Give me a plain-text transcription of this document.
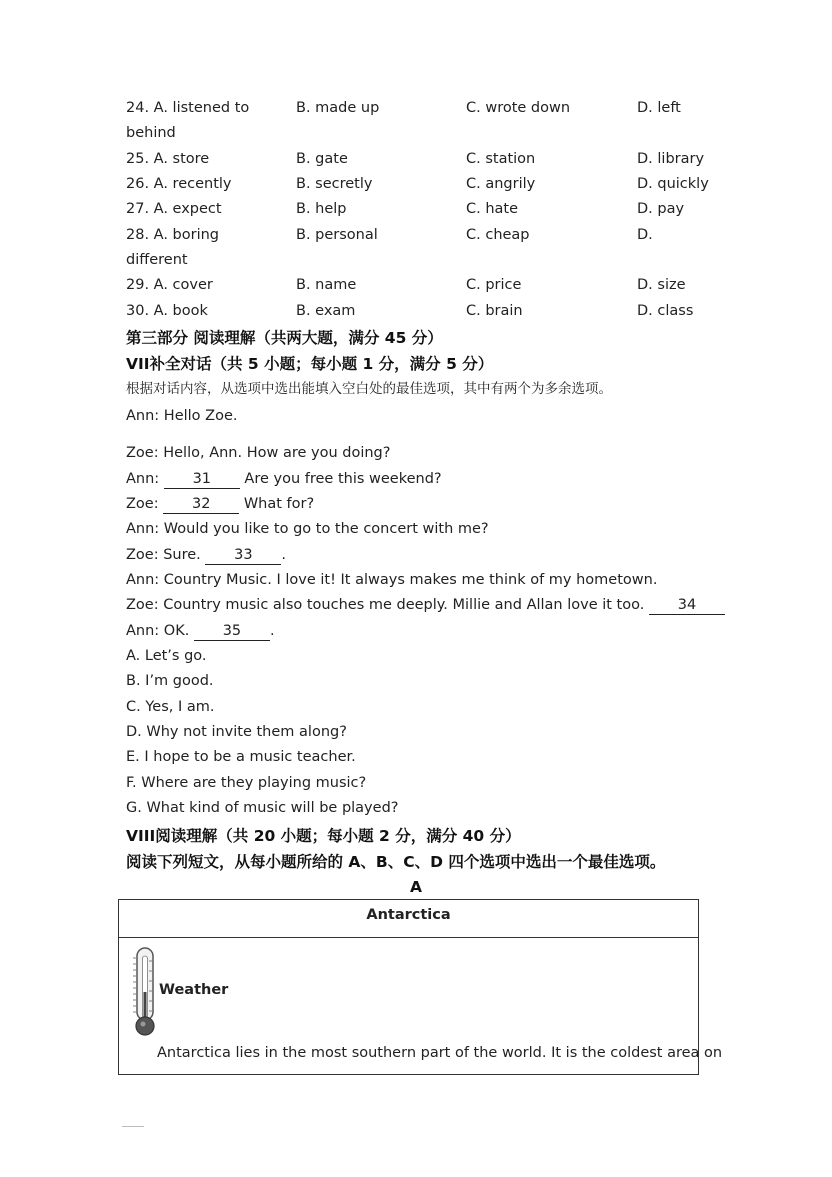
24. A. listened to	B. made up	C. wrote down	D. left
behind
25. A. store	B. gate	C. station	D. library
26. A. recently	B. secretly	C. angrily	D. quickly
27. A. expect	B. help	C. hate	D. pay
28. A. boring	B. personal	C. cheap	D.
different
29. A. cover	B. name	C. price	D. size
30. A. book	B. exam	C. brain	D. class
第三部分 阅读理解（共两大题，满分 45 分）
VII补全对话（共 5 小题；每小题 1 分，满分 5 分）
根据对话内容，从选项中选出能填入空白处的最佳选项，其中有两个为多余选项。
Ann: Hello Zoe.
Zoe: Hello, Ann. How are you doing?
Ann: 31 Are you free this weekend?
Zoe: 32 What for?
Ann: Would you like to go to the concert with me?
Zoe: Sure. 33 .
Ann: Country Music. I love it! It always makes me think of my hometown.
Zoe: Country music also touches me deeply. Millie and Allan love it too. 34
Ann: OK. 35 .
A. Let’s go.
B. I’m good.
C. Yes, I am.
D. Why not invite them along?
E. I hope to be a music teacher.
F. Where are they playing music?
G. What kind of music will be played?
VIII阅读理解（共 20 小题；每小题 2 分，满分 40 分）
阅读下列短文，从每小题所给的 A、B、C、D 四个选项中选出一个最佳选项。
A
Antarctica
Weather
Antarctica lies in the most southern part of the world. It is the coldest area on
